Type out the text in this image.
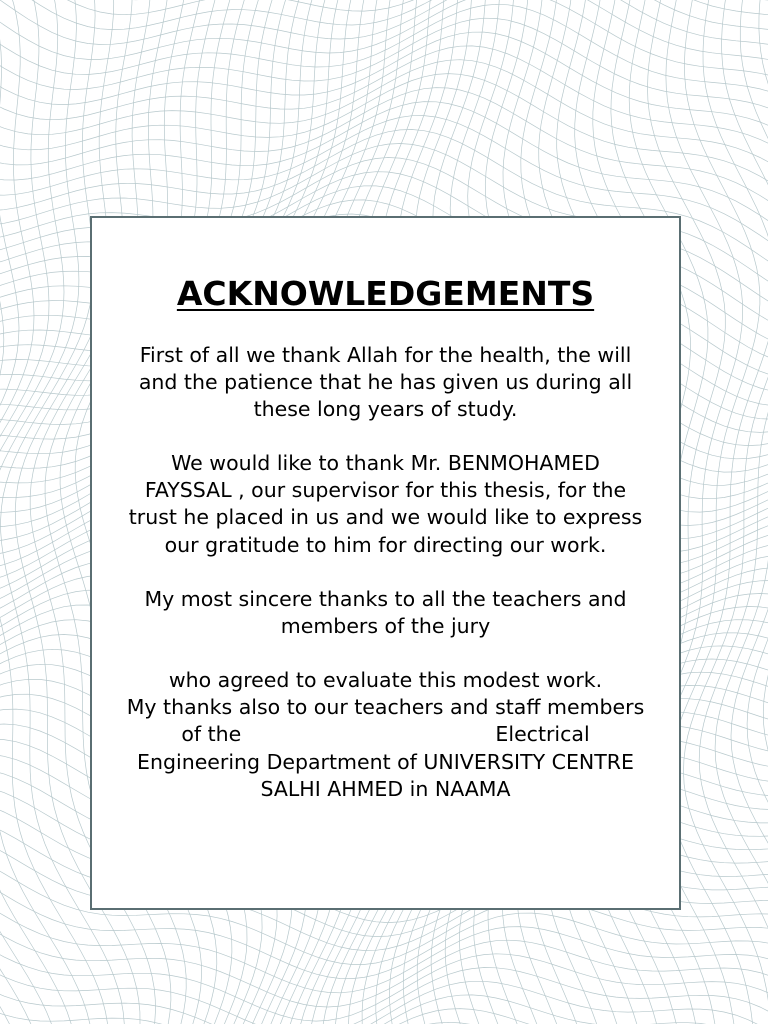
ACKNOWLEDGEMENTS

First of all we thank Allah for the health, the will
and the patience that he has given us during all
these long years of study.

We would like to thank Mr. BENMOHAMED
FAYSSAL , our supervisor for this thesis, for the
trust he placed in us and we would like to express
our gratitude to him for directing our work.

My most sincere thanks to all the teachers and
members of the jury

who agreed to evaluate this modest work.
My thanks also to our teachers and staff members
of the                                       Electrical
Engineering Department of UNIVERSITY CENTRE
SALHI AHMED in NAAMA
